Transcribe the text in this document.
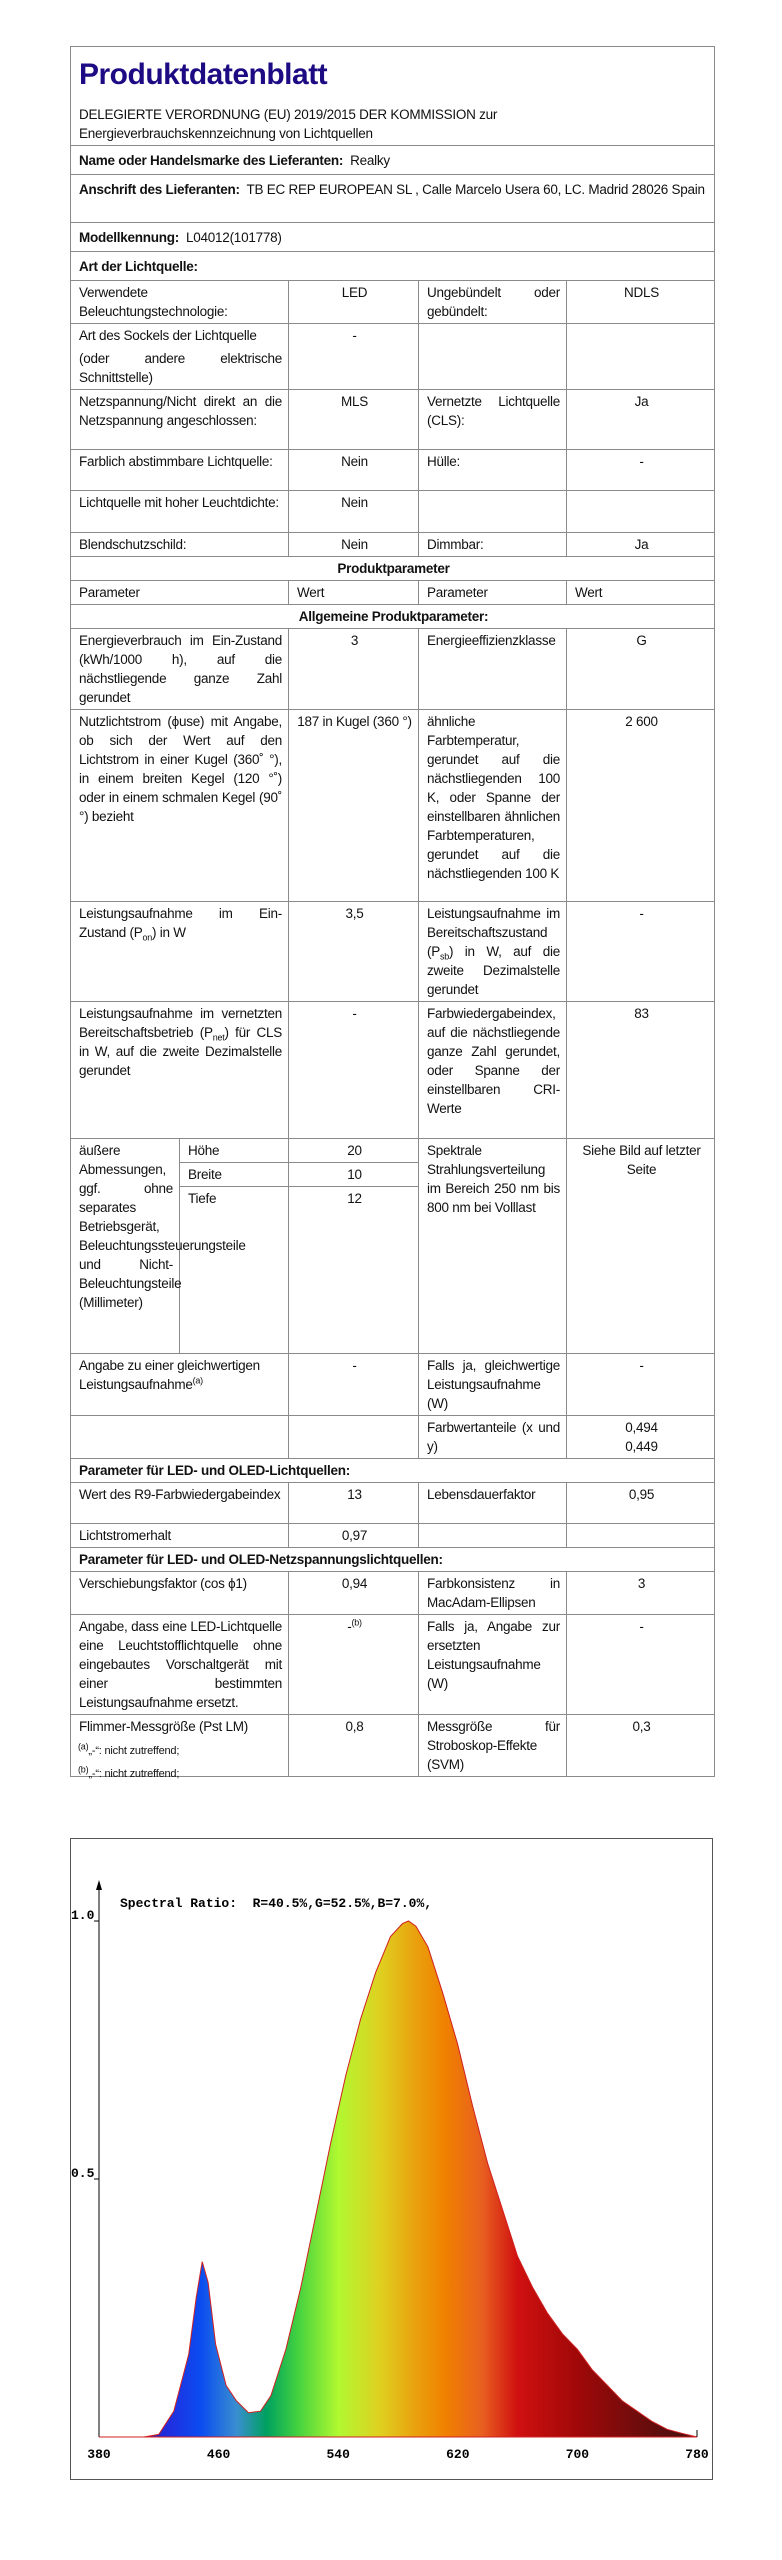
Produktdatenblatt
DELEGIERTE VERORDNUNG (EU) 2019/2015 DER KOMMISSION zur
Energieverbrauchskennzeichnung von Lichtquellen				

Name oder Handelsmarke des Lieferanten: Realky				
Anschrift des Lieferanten: TB EC REP EUROPEAN SL , Calle Marcelo Usera 60, LC. Madrid 28026 Spain				
Modellkennung: L04012(101778)				
Art der Lichtquelle:				
Verwendete Beleuchtungstechnologie:		LED	Ungebündelt oder gebündelt:	NDLS

Art des Sockels der Lichtquelle
(oder andere elektrische Schnittstelle)		-		
Netzspannung/Nicht direkt an die Netzspannung angeschlossen:		MLS	Vernetzte Lichtquelle (CLS):	Ja
Farblich abstimmbare Lichtquelle:		Nein	Hülle:	-
Lichtquelle mit hoher Leuchtdichte:		Nein		
Blendschutzschild:		Nein	Dimmbar:	Ja
Produktparameter				
Parameter		Wert	Parameter	Wert
Allgemeine Produktparameter:				
Energieverbrauch im Ein-Zustand (kWh/1000 h), auf die nächstliegende ganze Zahl gerundet		3	Energieeffizienzklasse	G
Nutzlichtstrom (ϕuse) mit Angabe, ob sich der Wert auf den Lichtstrom in einer Kugel (360˚ °), in einem breiten Kegel (120 °˚) oder in einem schmalen Kegel (90˚ °) bezieht		187 in Kugel (360 °)	ähnliche Farbtemperatur, gerundet auf die nächstliegenden 100 K, oder Spanne der einstellbaren ähnlichen Farbtemperaturen, gerundet auf die nächstliegenden 100 K	2 600
Leistungsaufnahme im Ein-Zustand $(P_{on})$ in W		3,5	Leistungsaufnahme im Bereitschaftszustand $(P_{sb})$ in W, auf die zweite Dezimalstelle gerundet	-
Leistungsaufnahme im vernetzten Bereitschaftsbetrieb $(P_{net})$ für CLS in W, auf die zweite Dezimalstelle gerundet		-	Farbwiedergabeindex, auf die nächstliegende ganze Zahl gerundet, oder Spanne der einstellbaren CRI-Werte	83
äußere Abmessungen, ggf. ohne separates Betriebsgerät, Beleuchtungssteuerungsteile und Nicht-Beleuchtungsteile (Millimeter)	Höhe	20	Spektrale Strahlungsverteilung im Bereich 250 nm bis 800 nm bei Volllast	Siehe Bild auf letzter Seite
	Breite	10		
	Tiefe	12		
Angabe zu einer gleichwertigen Leistungsaufnahme$^{(a)}$		-	Falls ja, gleichwertige Leistungsaufnahme (W)	-
			Farbwertanteile (x und y)	0,494
0,449

Parameter für LED- und OLED-Lichtquellen:				
Wert des R9-Farbwiedergabeindex		13	Lebensdauerfaktor	0,95
Lichtstromerhalt		0,97		
Parameter für LED- und OLED-Netzspannungslichtquellen:				
Verschiebungsfaktor (cos ϕ1)		0,94	Farbkonsistenz in MacAdam-Ellipsen	3
Angabe, dass eine LED-Lichtquelle eine Leuchtstofflichtquelle ohne eingebautes Vorschaltgerät mit einer bestimmten Leistungsaufnahme ersetzt.		-$^{(b)}$	Falls ja, Angabe zur ersetzten Leistungsaufnahme (W)	-
Flimmer-Messgröße (Pst LM)		0,8	Messgröße für Stroboskop-Effekte (SVM)	0,3
$^{(a)}$„-“: nicht zutreffend;
$^{(b)}$„-“: nicht zutreffend;
Spectral Ratio:  R=40.5%,G=52.5%,B=7.0%,
380	460	540	620	700	780
1.0
0.5
